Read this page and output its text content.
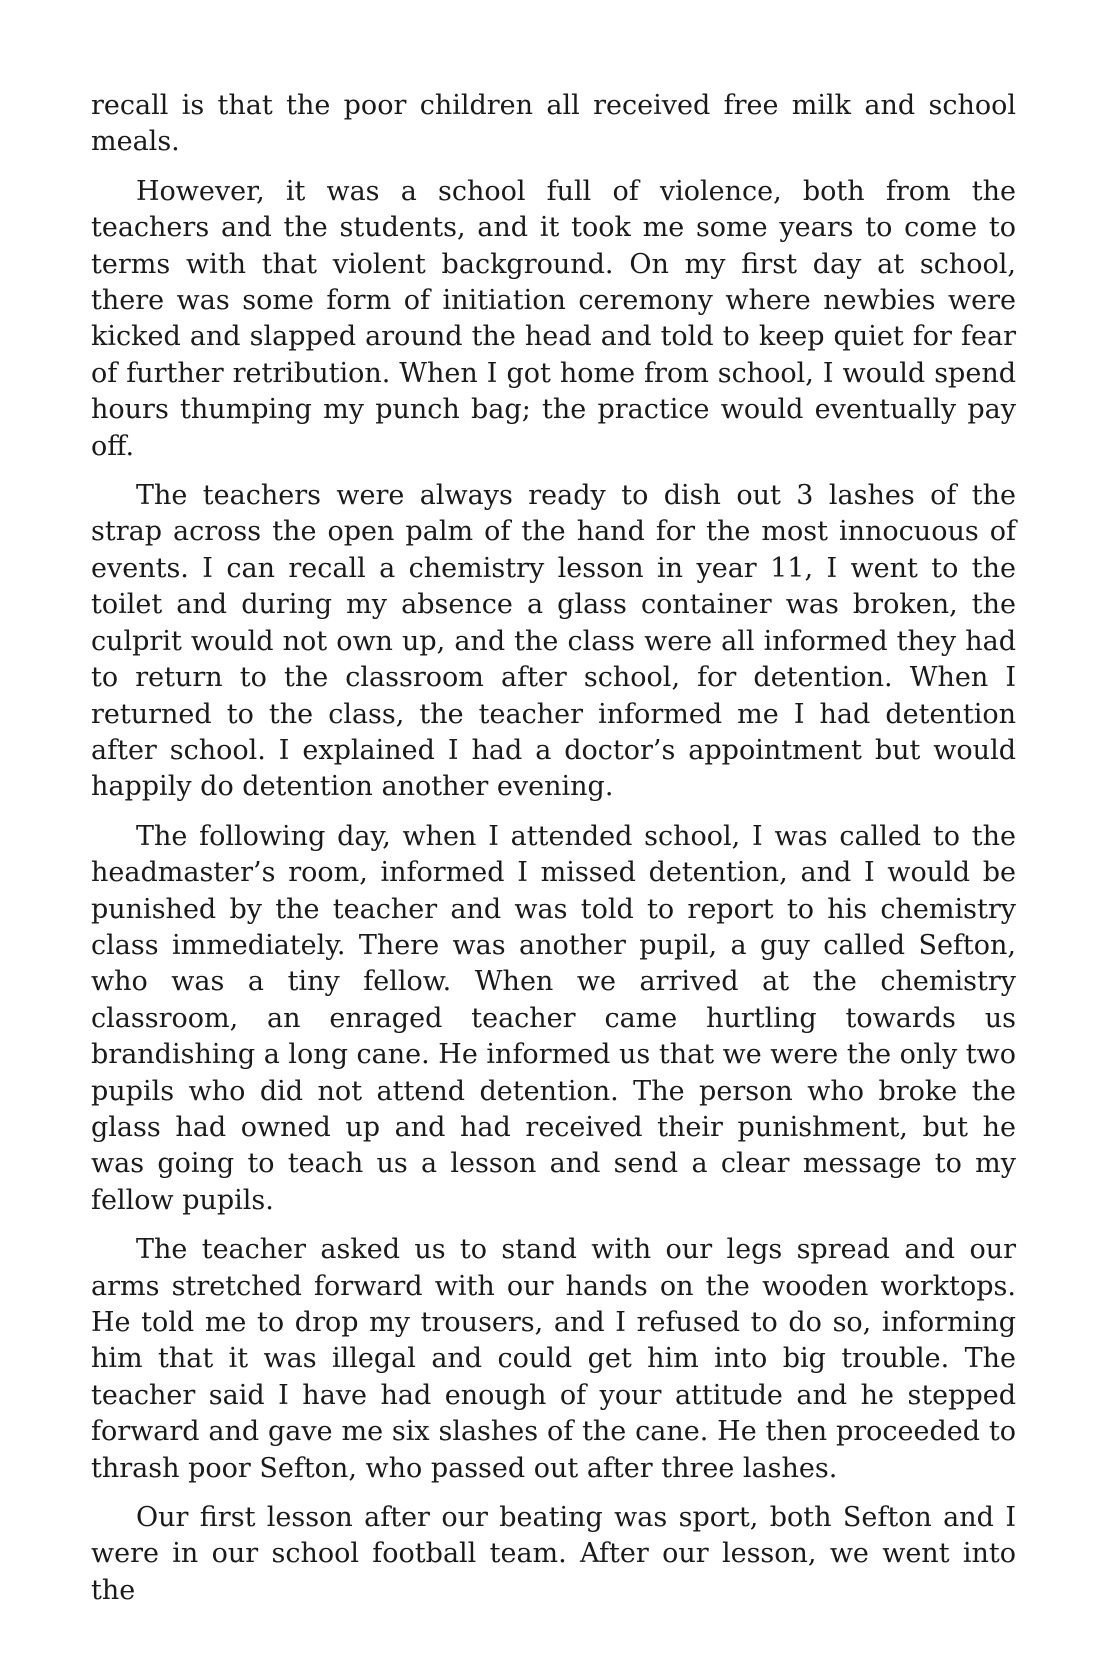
recall is that the poor children all received free milk and school meals.

However, it was a school full of violence, both from the teachers and the students, and it took me some years to come to terms with that violent background. On my first day at school, there was some form of initiation ceremony where newbies were kicked and slapped around the head and told to keep quiet for fear of further retribution. When I got home from school, I would spend hours thumping my punch bag; the practice would eventually pay off.

The teachers were always ready to dish out 3 lashes of the strap across the open palm of the hand for the most innocuous of events. I can recall a chemistry lesson in year 11, I went to the toilet and during my absence a glass container was broken, the culprit would not own up, and the class were all informed they had to return to the classroom after school, for detention. When I returned to the class, the teacher informed me I had detention after school. I explained I had a doctor’s appointment but would happily do detention another evening.

The following day, when I attended school, I was called to the headmaster’s room, informed I missed detention, and I would be punished by the teacher and was told to report to his chemistry class immediately. There was another pupil, a guy called Sefton, who was a tiny fellow. When we arrived at the chemistry classroom, an enraged teacher came hurtling towards us brandishing a long cane. He informed us that we were the only two pupils who did not attend detention. The person who broke the glass had owned up and had received their punishment, but he was going to teach us a lesson and send a clear message to my fellow pupils.

The teacher asked us to stand with our legs spread and our arms stretched forward with our hands on the wooden worktops. He told me to drop my trousers, and I refused to do so, informing him that it was illegal and could get him into big trouble. The teacher said I have had enough of your attitude and he stepped forward and gave me six slashes of the cane. He then proceeded to thrash poor Sefton, who passed out after three lashes.

Our first lesson after our beating was sport, both Sefton and I were in our school football team. After our lesson, we went into the
